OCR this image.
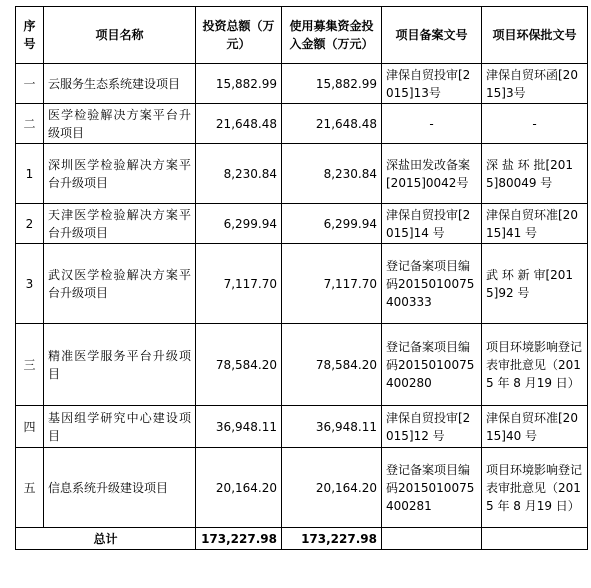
序号	项目名称	投资总额（万元）	使用募集资金投入金额（万元）	项目备案文号	项目环保批文号
一	云服务生态系统建设项目	15,882.99	15,882.99	津保自贸投审[2015]13号	津保自贸环函[2015]3号
二	医学检验解决方案平台升级项目	21,648.48	21,648.48	-	-
1	深圳医学检验解决方案平台升级项目	8,230.84	8,230.84	深盐田发改备案 [2015]0042号	深 盐 环 批[2015]80049 号
2	天津医学检验解决方案平台升级项目	6,299.94	6,299.94	津保自贸投审[2015]14 号	津保自贸环准[2015]41 号
3	武汉医学检验解决方案平台升级项目	7,117.70	7,117.70	登记备案项目编码2015010075400333	武 环 新 审[2015]92 号
三	精准医学服务平台升级项目	78,584.20	78,584.20	登记备案项目编码2015010075400280	项目环境影响登记表审批意见（2015 年 8 月19 日）
四	基因组学研究中心建设项目	36,948.11	36,948.11	津保自贸投审[2015]12 号	津保自贸环准[2015]40 号
五	信息系统升级建设项目	20,164.20	20,164.20	登记备案项目编码2015010075400281	项目环境影响登记表审批意见（2015 年 8 月19 日）
总计		173,227.98	173,227.98		
